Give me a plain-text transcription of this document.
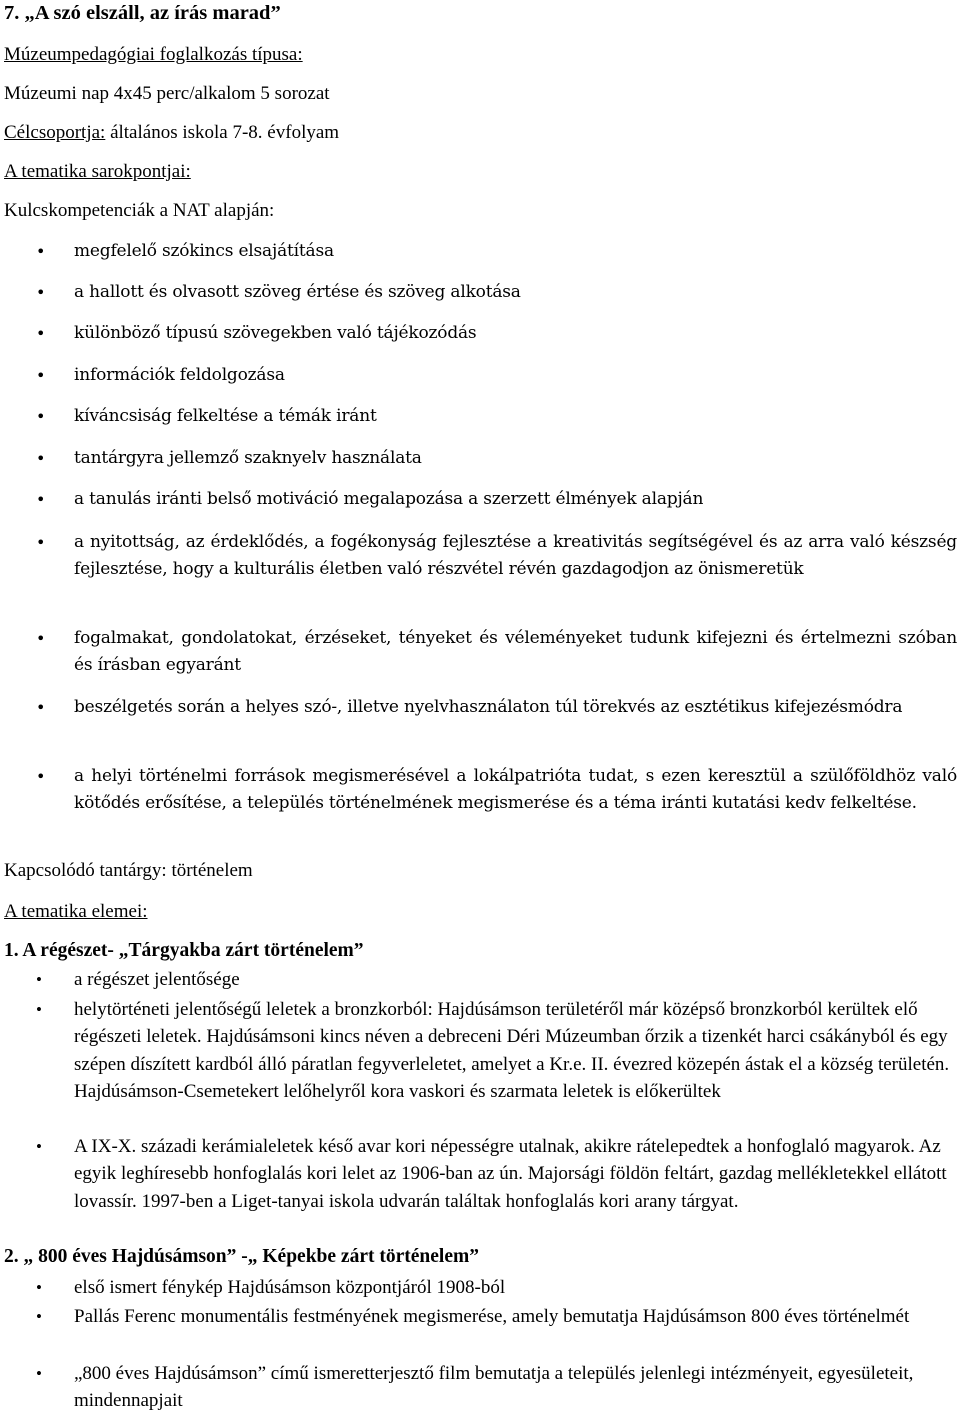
7. „A szó elszáll, az írás marad”
Múzeumpedagógiai foglalkozás típusa:
Múzeumi nap 4x45 perc/alkalom 5 sorozat
Célcsoportja: általános iskola 7-8. évfolyam
A tematika sarokpontjai:
Kulcskompetenciák a NAT alapján:
• megfelelő szókincs elsajátítása
• a hallott és olvasott szöveg értése és szöveg alkotása
• különböző típusú szövegekben való tájékozódás
• információk feldolgozása
• kíváncsiság felkeltése a témák iránt
• tantárgyra jellemző szaknyelv használata
• a tanulás iránti belső motiváció megalapozása a szerzett élmények alapján
• a nyitottság, az érdeklődés, a fogékonyság fejlesztése a kreativitás segítségével és az arra való készség fejlesztése, hogy a kulturális életben való részvétel révén gazdagodjon az önismeretük
• fogalmakat, gondolatokat, érzéseket, tényeket és véleményeket tudunk kifejezni és értelmezni szóban és írásban egyaránt
• beszélgetés során a helyes szó-, illetve nyelvhasználaton túl törekvés az esztétikus kifejezésmódra
• a helyi történelmi források megismerésével a lokálpatrióta tudat, s ezen keresztül a szülőföldhöz való kötődés erősítése, a település történelmének megismerése és a téma iránti kutatási kedv felkeltése.
Kapcsolódó tantárgy: történelem
A tematika elemei:
1. A régészet- „Tárgyakba zárt történelem”
• a régészet jelentősége
• helytörténeti jelentőségű leletek a bronzkorból: Hajdúsámson területéről már középső bronzkorból kerültek elő régészeti leletek. Hajdúsámsoni kincs néven a debreceni Déri Múzeumban őrzik a tizenkét harci csákányból és egy szépen díszített kardból álló páratlan fegyverleletet, amelyet a Kr.e. II. évezred közepén ástak el a község területén. Hajdúsámson-Csemetekert lelőhelyről kora vaskori és szarmata leletek is előkerültek
• A IX-X. századi kerámialeletek késő avar kori népességre utalnak, akikre rátelepedtek a honfoglaló magyarok. Az egyik leghíresebb honfoglalás kori lelet az 1906-ban az ún. Majorsági földön feltárt, gazdag mellékletekkel ellátott lovassír. 1997-ben a Liget-tanyai iskola udvarán találtak honfoglalás kori arany tárgyat.
2. „ 800 éves Hajdúsámson” -„ Képekbe zárt történelem”
• első ismert fénykép Hajdúsámson központjáról 1908-ból
• Pallás Ferenc monumentális festményének megismerése, amely bemutatja Hajdúsámson 800 éves történelmét
• „800 éves Hajdúsámson” című ismeretterjesztő film bemutatja a település jelenlegi intézményeit, egyesületeit, mindennapjait
